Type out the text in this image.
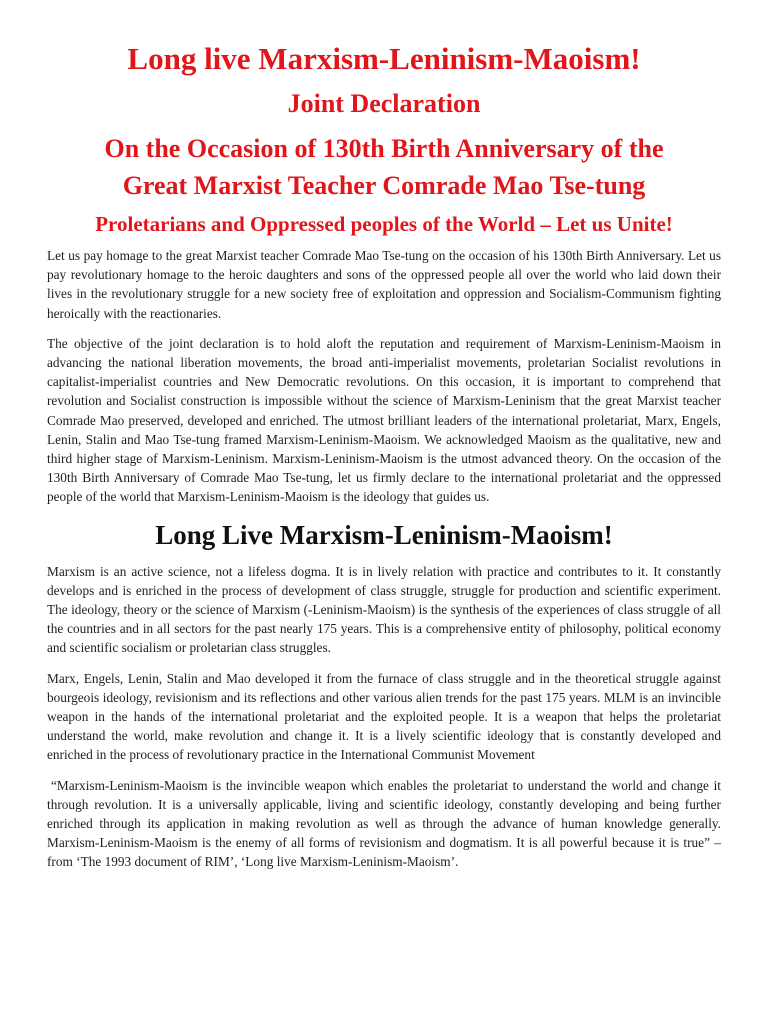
Long live Marxism-Leninism-Maoism!
Joint Declaration
On the Occasion of 130th Birth Anniversary of the
Great Marxist Teacher Comrade Mao Tse-tung
Proletarians and Oppressed peoples of the World – Let us Unite!

Let us pay homage to the great Marxist teacher Comrade Mao Tse-tung on the occasion of his 130th Birth Anniversary. Let us pay revolutionary homage to the heroic daughters and sons of the oppressed people all over the world who laid down their lives in the revolutionary struggle for a new society free of exploitation and oppression and Socialism-Communism fighting heroically with the reactionaries.

The objective of the joint declaration is to hold aloft the reputation and requirement of Marxism-Leninism-Maoism in advancing the national liberation movements, the broad anti-imperialist movements, proletarian Socialist revolutions in capitalist-imperialist countries and New Democratic revolutions. On this occasion, it is important to comprehend that revolution and Socialist construction is impossible without the science of Marxism-Leninism that the great Marxist teacher Comrade Mao preserved, developed and enriched. The utmost brilliant leaders of the international proletariat, Marx, Engels, Lenin, Stalin and Mao Tse-tung framed Marxism-Leninism-Maoism. We acknowledged Maoism as the qualitative, new and third higher stage of Marxism-Leninism. Marxism-Leninism-Maoism is the utmost advanced theory. On the occasion of the 130th Birth Anniversary of Comrade Mao Tse-tung, let us firmly declare to the international proletariat and the oppressed people of the world that Marxism-Leninism-Maoism is the ideology that guides us.

Long Live Marxism-Leninism-Maoism!

Marxism is an active science, not a lifeless dogma. It is in lively relation with practice and contributes to it. It constantly develops and is enriched in the process of development of class struggle, struggle for production and scientific experiment. The ideology, theory or the science of Marxism (-Leninism-Maoism) is the synthesis of the experiences of class struggle of all the countries and in all sectors for the past nearly 175 years. This is a comprehensive entity of philosophy, political economy and scientific socialism or proletarian class struggles.

Marx, Engels, Lenin, Stalin and Mao developed it from the furnace of class struggle and in the theoretical struggle against bourgeois ideology, revisionism and its reflections and other various alien trends for the past 175 years. MLM is an invincible weapon in the hands of the international proletariat and the exploited people. It is a weapon that helps the proletariat understand the world, make revolution and change it. It is a lively scientific ideology that is constantly developed and enriched in the process of revolutionary practice in the International Communist Movement

“Marxism-Leninism-Maoism is the invincible weapon which enables the proletariat to understand the world and change it through revolution. It is a universally applicable, living and scientific ideology, constantly developing and being further enriched through its application in making revolution as well as through the advance of human knowledge generally. Marxism-Leninism-Maoism is the enemy of all forms of revisionism and dogmatism. It is all powerful because it is true” – from ‘The 1993 document of RIM’, ‘Long live Marxism-Leninism-Maoism’.
